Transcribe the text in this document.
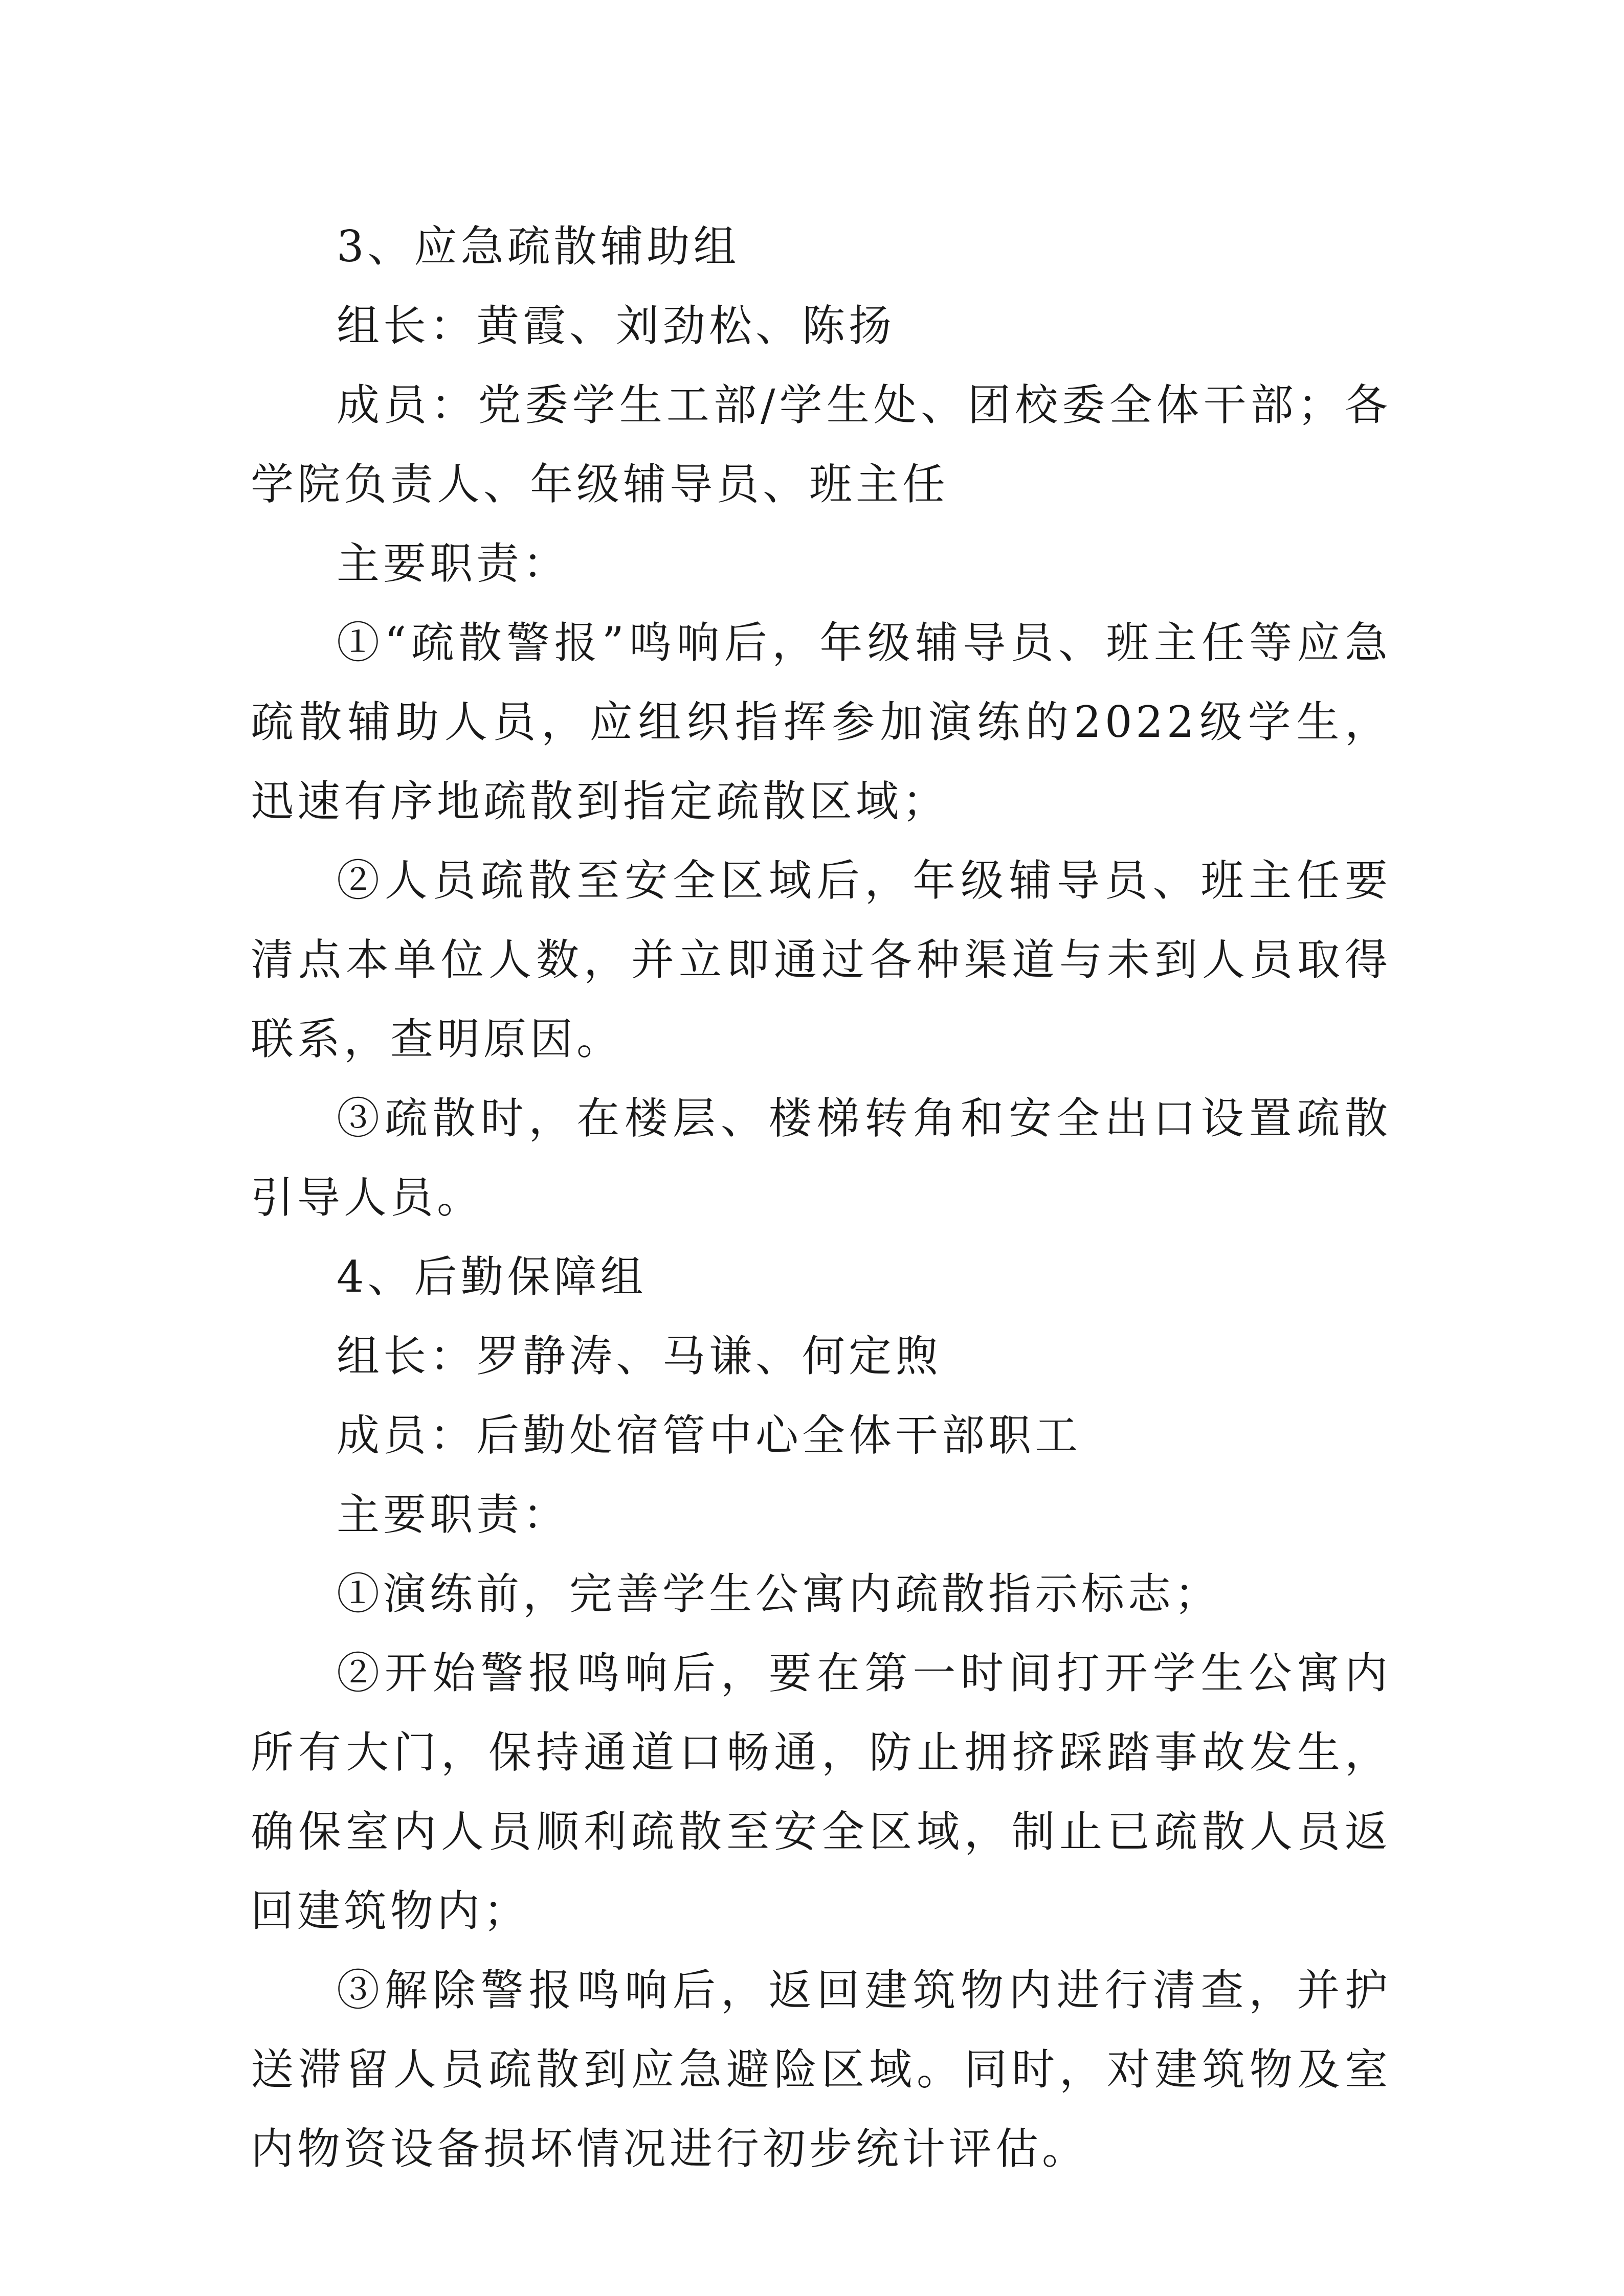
3、应急疏散辅助组

组长：黄霞、刘劲松、陈扬

成员：党委学生工部/学生处、团校委全体干部；各学院负责人、年级辅导员、班主任

主要职责：

①“疏散警报”鸣响后，年级辅导员、班主任等应急疏散辅助人员，应组织指挥参加演练的2022级学生，迅速有序地疏散到指定疏散区域；

②人员疏散至安全区域后，年级辅导员、班主任要清点本单位人数，并立即通过各种渠道与未到人员取得联系，查明原因。

③疏散时，在楼层、楼梯转角和安全出口设置疏散引导人员。

4、后勤保障组

组长：罗静涛、马谦、何定煦

成员：后勤处宿管中心全体干部职工

主要职责：

①演练前，完善学生公寓内疏散指示标志；

②开始警报鸣响后，要在第一时间打开学生公寓内所有大门，保持通道口畅通，防止拥挤踩踏事故发生，确保室内人员顺利疏散至安全区域，制止已疏散人员返回建筑物内；

③解除警报鸣响后，返回建筑物内进行清查，并护送滞留人员疏散到应急避险区域。同时，对建筑物及室内物资设备损坏情况进行初步统计评估。
